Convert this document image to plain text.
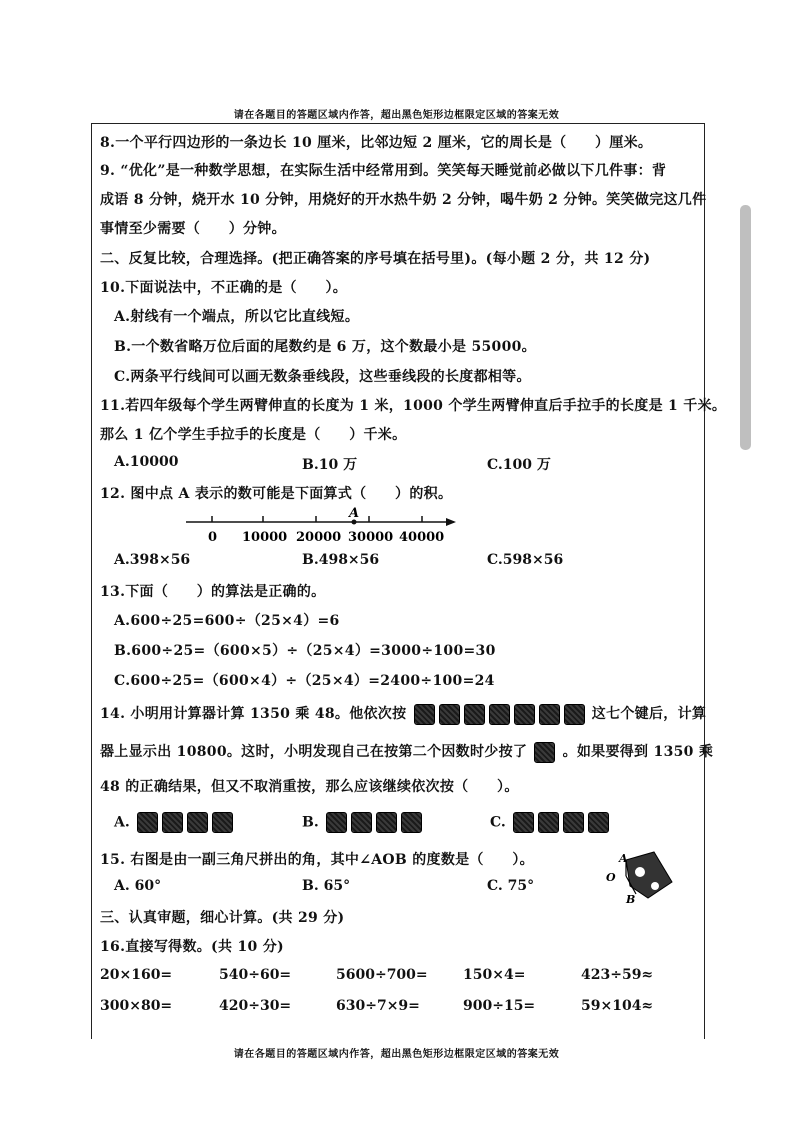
请在各题目的答题区域内作答，超出黑色矩形边框限定区域的答案无效
8.一个平行四边形的一条边长 10 厘米，比邻边短 2 厘米，它的周长是（　　）厘米。
9. “优化”是一种数学思想，在实际生活中经常用到。笑笑每天睡觉前必做以下几件事：背
成语 8 分钟，烧开水 10 分钟，用烧好的开水热牛奶 2 分钟，喝牛奶 2 分钟。笑笑做完这几件
事情至少需要（　　）分钟。
二、反复比较，合理选择。(把正确答案的序号填在括号里)。(每小题 2 分，共 12 分)
10.下面说法中，不正确的是（　　）。
A.射线有一个端点，所以它比直线短。
B.一个数省略万位后面的尾数约是 6 万，这个数最小是 55000。
C.两条平行线间可以画无数条垂线段，这些垂线段的长度都相等。
11.若四年级每个学生两臂伸直的长度为 1 米，1000 个学生两臂伸直后手拉手的长度是 1 千米。
那么 1 亿个学生手拉手的长度是（　　）千米。
A.10000	B.10 万	C.100 万
12. 图中点 A 表示的数可能是下面算式（　　）的积。
A
0 10000 20000 30000 40000
A.398×56	B.498×56	C.598×56
13.下面（　　）的算法是正确的。
A.600÷25=600÷（25×4）=6
B.600÷25=（600×5）÷（25×4）=3000÷100=30
C.600÷25=（600×4）÷（25×4）=2400÷100=24
14. 小明用计算器计算 1350 乘 48。他依次按	这七个键后，计算
器上显示出 10800。这时，小明发现自己在按第二个因数时少按了	。如果要得到 1350 乘
48 的正确结果，但又不取消重按，那么应该继续依次按（　　）。
A.	B.	C.
15. 右图是由一副三角尺拼出的角，其中∠AOB 的度数是（　　）。
A. 60°	B. 65°	C. 75°
A
O
B
三、认真审题，细心计算。(共 29 分)
16.直接写得数。(共 10 分)
20×160=	540÷60=	5600÷700=	150×4=	423÷59≈
300×80=	420÷30=	630÷7×9=	900÷15=	59×104≈
请在各题目的答题区域内作答，超出黑色矩形边框限定区域的答案无效
